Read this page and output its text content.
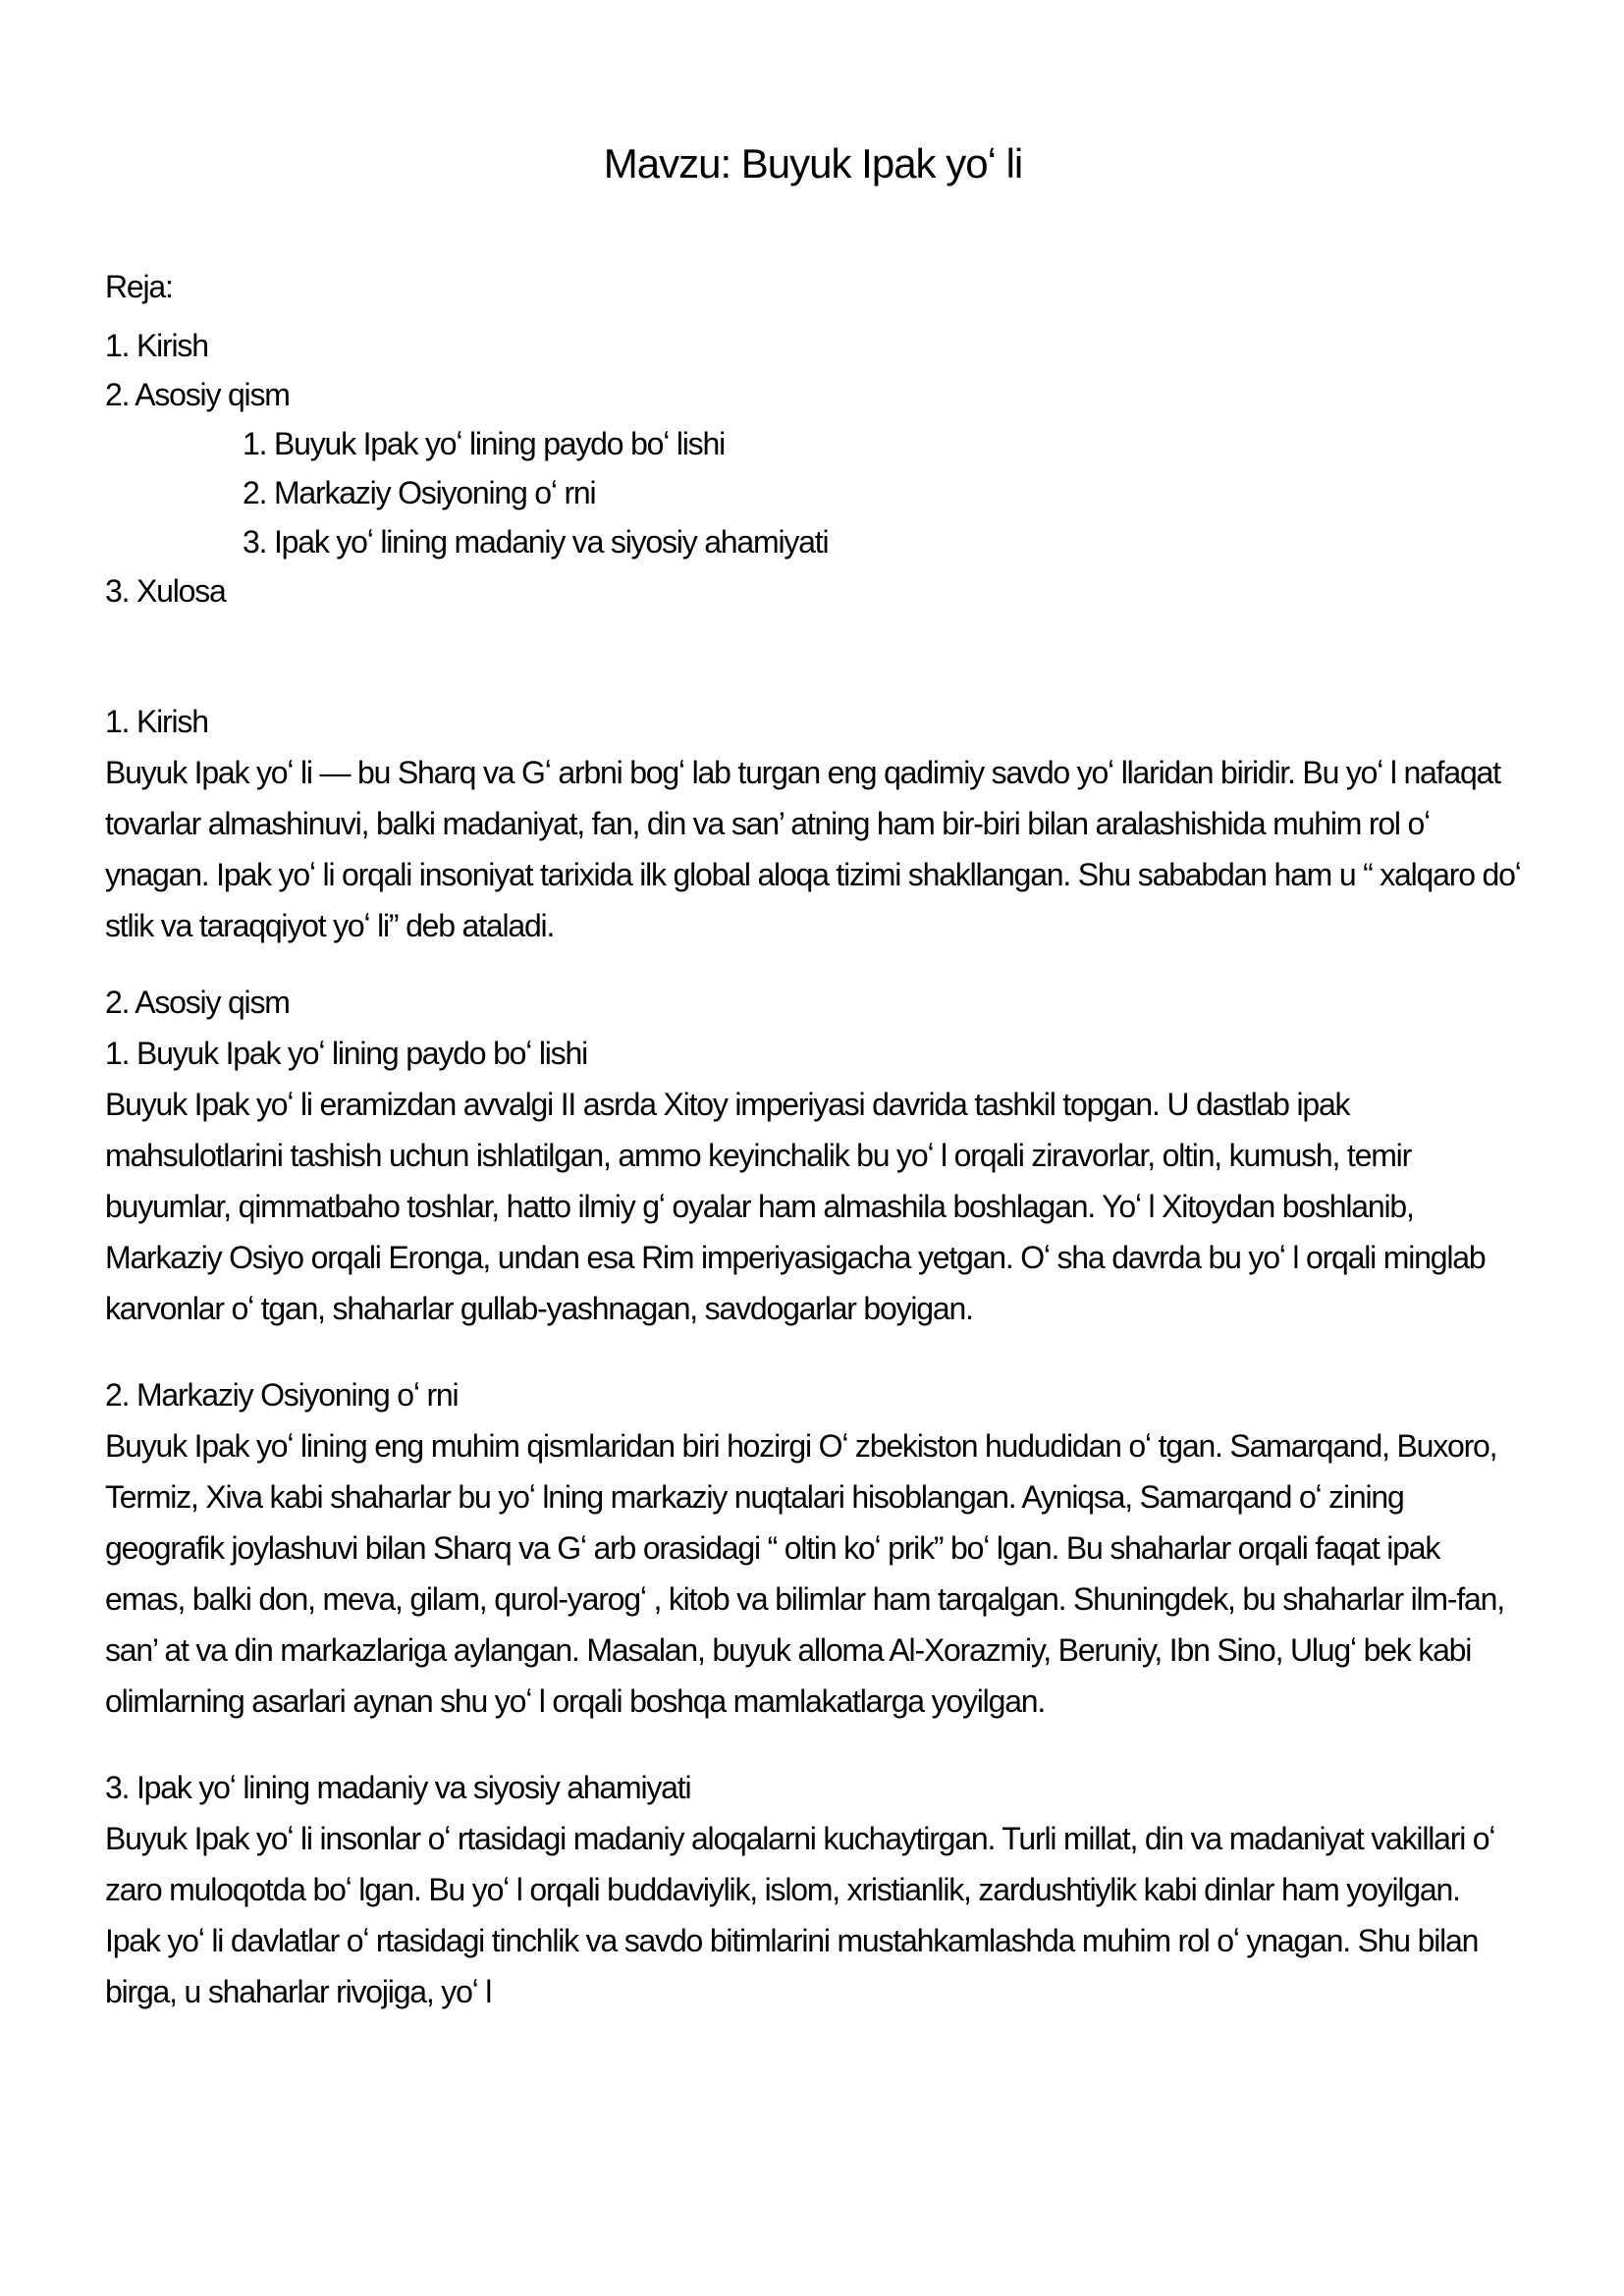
Mavzu: Buyuk Ipak yoʻ li

Reja:

1. Kirish
2. Asosiy qism
1. Buyuk Ipak yoʻ lining paydo boʻ lishi
2. Markaziy Osiyoning oʻ rni
3. Ipak yoʻ lining madaniy va siyosiy ahamiyati
3. Xulosa
1. Kirish
Buyuk Ipak yoʻ li — bu Sharq va Gʻ arbni bogʻ lab turgan eng qadimiy savdo yoʻ llaridan biridir. Bu yoʻ l nafaqat tovarlar almashinuvi, balki madaniyat, fan, din va san’ atning ham bir-biri bilan aralashishida muhim rol oʻ ynagan. Ipak yoʻ li orqali insoniyat tarixida ilk global aloqa tizimi shakllangan. Shu sababdan ham u “ xalqaro doʻ stlik va taraqqiyot yoʻ li” deb ataladi.
2. Asosiy qism
1. Buyuk Ipak yoʻ lining paydo boʻ lishi
Buyuk Ipak yoʻ li eramizdan avvalgi II asrda Xitoy imperiyasi davrida tashkil topgan. U dastlab ipak mahsulotlarini tashish uchun ishlatilgan, ammo keyinchalik bu yoʻ l orqali ziravorlar, oltin, kumush, temir buyumlar, qimmatbaho toshlar, hatto ilmiy gʻ oyalar ham almashila boshlagan. Yoʻ l Xitoydan boshlanib, Markaziy Osiyo orqali Eronga, undan esa Rim imperiyasigacha yetgan. Oʻ sha davrda bu yoʻ l orqali minglab karvonlar oʻ tgan, shaharlar gullab-yashnagan, savdogarlar boyigan.
2. Markaziy Osiyoning oʻ rni
Buyuk Ipak yoʻ lining eng muhim qismlaridan biri hozirgi Oʻ zbekiston hududidan oʻ tgan. Samarqand, Buxoro, Termiz, Xiva kabi shaharlar bu yoʻ lning markaziy nuqtalari hisoblangan. Ayniqsa, Samarqand oʻ zining geografik joylashuvi bilan Sharq va Gʻ arb orasidagi “ oltin koʻ prik” boʻ lgan. Bu shaharlar orqali faqat ipak emas, balki don, meva, gilam, qurol-yarogʻ , kitob va bilimlar ham tarqalgan. Shuningdek, bu shaharlar ilm-fan, san’ at va din markazlariga aylangan. Masalan, buyuk alloma Al-Xorazmiy, Beruniy, Ibn Sino, Ulugʻ bek kabi olimlarning asarlari aynan shu yoʻ l orqali boshqa mamlakatlarga yoyilgan.
3. Ipak yoʻ lining madaniy va siyosiy ahamiyati
Buyuk Ipak yoʻ li insonlar oʻ rtasidagi madaniy aloqalarni kuchaytirgan. Turli millat, din va madaniyat vakillari oʻ zaro muloqotda boʻ lgan. Bu yoʻ l orqali buddaviylik, islom, xristianlik, zardushtiylik kabi dinlar ham yoyilgan. Ipak yoʻ li davlatlar oʻ rtasidagi tinchlik va savdo bitimlarini mustahkamlashda muhim rol oʻ ynagan. Shu bilan birga, u shaharlar rivojiga, yoʻ l
